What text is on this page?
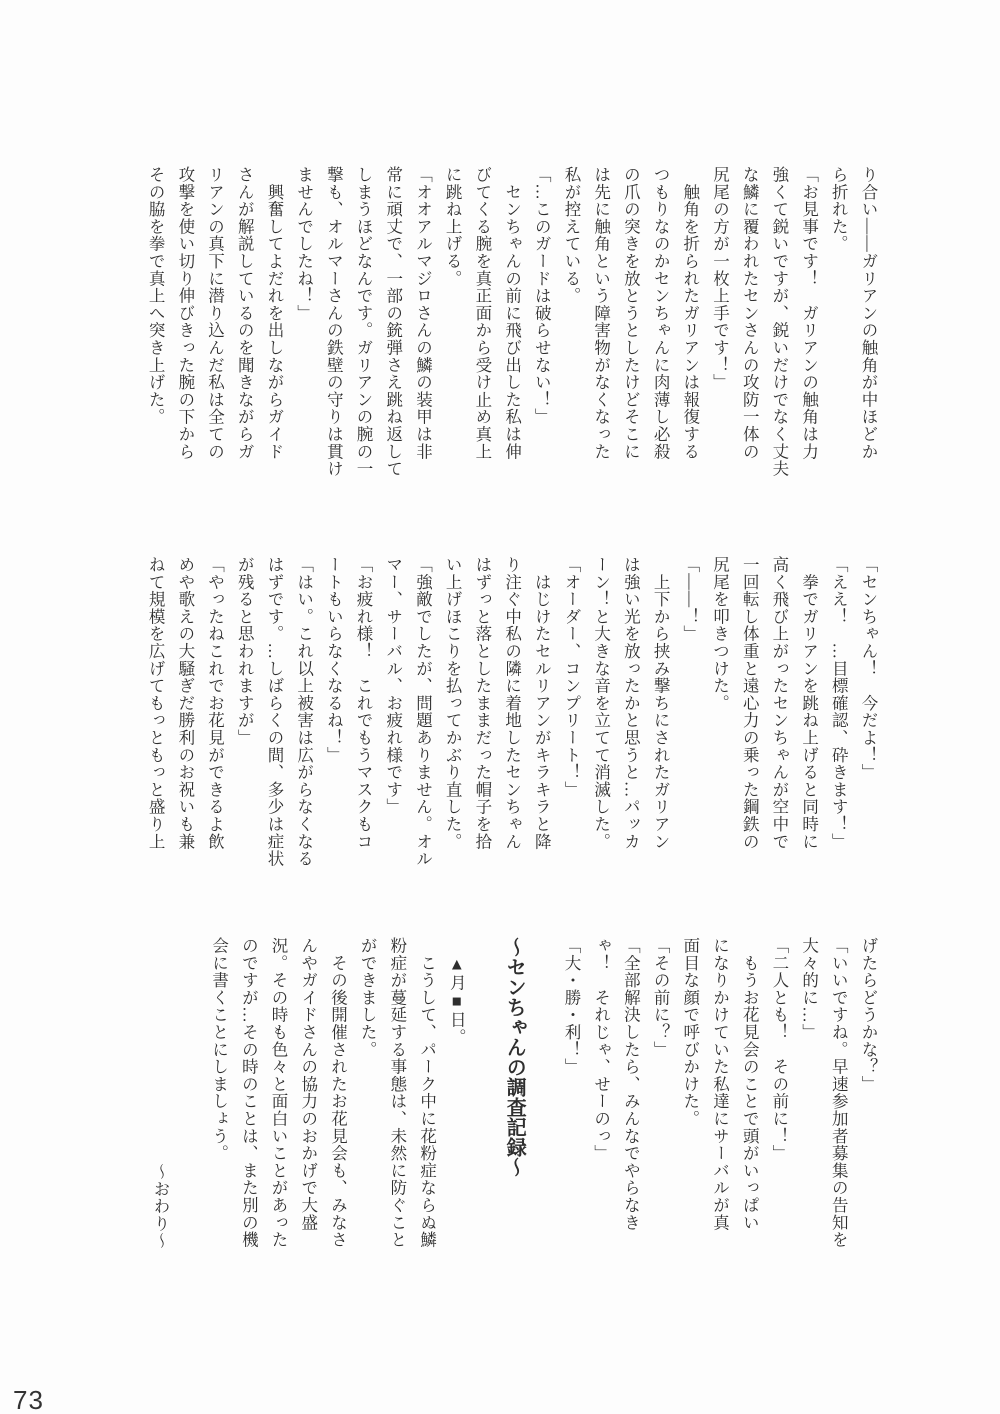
り合い――ガリアンの触角が中ほどか
ら折れた。
「お見事です！　ガリアンの触角は力
強くて鋭いですが、鋭いだけでなく丈夫
な鱗に覆われたセンさんの攻防一体の
尻尾の方が一枚上手です！」
　触角を折られたガリアンは報復する
つもりなのかセンちゃんに肉薄し必殺
の爪の突きを放とうとしたけどそこに
は先に触角という障害物がなくなった
私が控えている。
「…このガードは破らせない！」
　センちゃんの前に飛び出した私は伸
びてくる腕を真正面から受け止め真上
に跳ね上げる。
「オオアルマジロさんの鱗の装甲は非
常に頑丈で、一部の銃弾さえ跳ね返して
しまうほどなんです。ガリアンの腕の一
撃も、オルマーさんの鉄壁の守りは貫け
ませんでしたね！」
　興奮してよだれを出しながらガイド
さんが解説しているのを聞きながらガ
リアンの真下に潜り込んだ私は全ての
攻撃を使い切り伸びきった腕の下から
その脇を拳で真上へ突き上げた。
「センちゃん！　今だよ！」
「ええ！　…目標確認、砕きます！」
　拳でガリアンを跳ね上げると同時に
高く飛び上がったセンちゃんが空中で
一回転し体重と遠心力の乗った鋼鉄の
尻尾を叩きつけた。
「――！」
　上下から挟み撃ちにされたガリアン
は強い光を放ったかと思うと…パッカ
ーン！と大きな音を立てて消滅した。
「オーダー、コンプリート！」
　はじけたセルリアンがキラキラと降
り注ぐ中私の隣に着地したセンちゃん
はずっと落としたままだった帽子を拾
い上げほこりを払ってかぶり直した。
「強敵でしたが、問題ありません。オル
マー、サーバル、お疲れ様です」
「お疲れ様！　これでもうマスクもコ
ートもいらなくなるね！」
「はい。これ以上被害は広がらなくなる
はずです。…しばらくの間、多少は症状
が残ると思われますが」
「やったねこれでお花見ができるよ飲
めや歌えの大騒ぎだ勝利のお祝いも兼
ねて規模を広げてもっともっと盛り上
げたらどうかな？」
「いいですね。早速参加者募集の告知を
大々的に…」
「二人とも！　その前に！」
　もうお花見会のことで頭がいっぱい
になりかけていた私達にサーバルが真
面目な顔で呼びかけた。
「その前に？」
「全部解決したら、みんなでやらなき
ゃ！　それじゃ、せーのっ」
「大・勝・利！」
～センちゃんの調査記録～
　▲月■日。
　こうして、パーク中に花粉症ならぬ鱗
粉症が蔓延する事態は、未然に防ぐこと
ができました。
　その後開催されたお花見会も、みなさ
んやガイドさんの協力のおかげで大盛
況。その時も色々と面白いことがあった
のですが…その時のことは、また別の機
会に書くことにしましょう。
～おわり～
73
